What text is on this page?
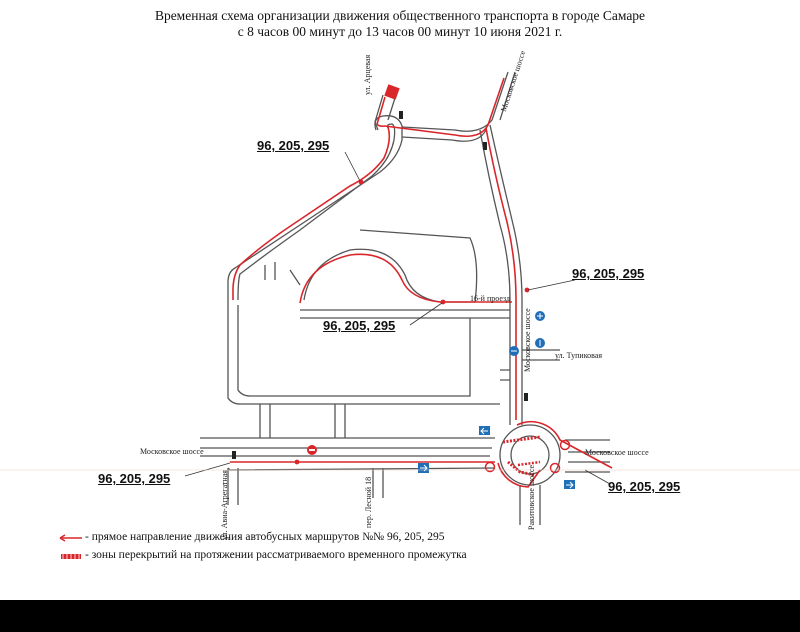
Временная схема организации движения общественного транспорта в городе Самаре
с 8 часов 00 минут до 13 часов 00 минут 10 июня 2021 г.
96, 205, 295
96, 205, 295
96, 205, 295
96, 205, 295
96, 205, 295
ул. Арцевая	Московское шоссе
16-й проезд
Московское шоссе	ул. Тупиковая
Московское шоссе	Московское шоссе
ул. Авиа-Агрегатная	пер. Лесной 18	Ракитовское шоссе
- прямое направление движения автобусных маршрутов №№ 96, 205, 295
- зоны перекрытий на протяжении рассматриваемого временного промежутка
